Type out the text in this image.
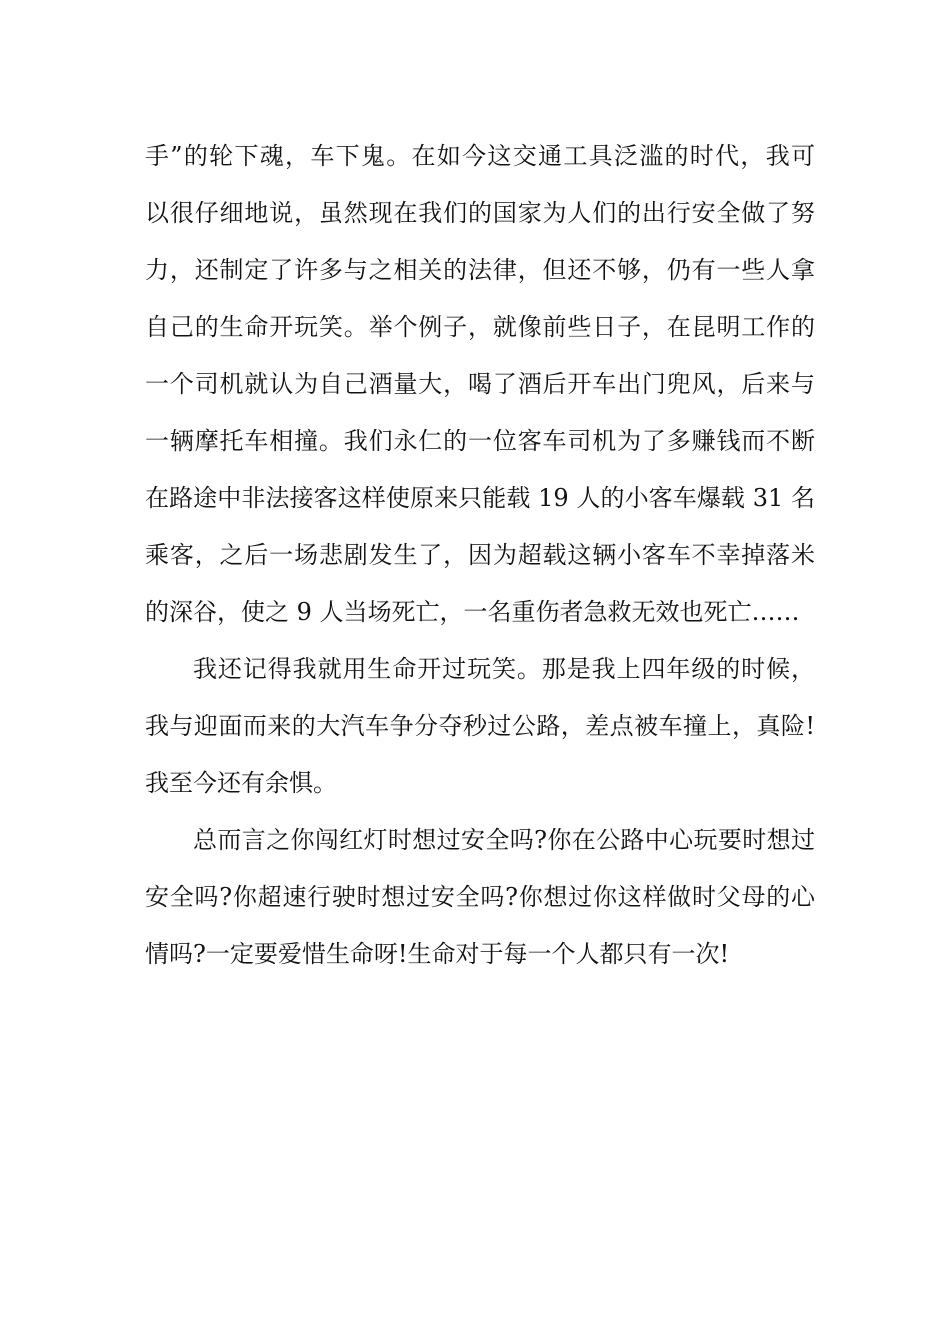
手”的轮下魂，车下鬼。在如今这交通工具泛滥的时代，我可
以很仔细地说，虽然现在我们的国家为人们的出行安全做了努
力，还制定了许多与之相关的法律，但还不够，仍有一些人拿
自己的生命开玩笑。举个例子，就像前些日子，在昆明工作的
一个司机就认为自己酒量大，喝了酒后开车出门兜风，后来与
一辆摩托车相撞。我们永仁的一位客车司机为了多赚钱而不断
在路途中非法接客这样使原来只能载 19 人的小客车爆载 31 名
乘客，之后一场悲剧发生了，因为超载这辆小客车不幸掉落米
的深谷，使之 9 人当场死亡，一名重伤者急救无效也死亡……
我还记得我就用生命开过玩笑。那是我上四年级的时候，
我与迎面而来的大汽车争分夺秒过公路，差点被车撞上，真险!
我至今还有余惧。
总而言之你闯红灯时想过安全吗?你在公路中心玩要时想过
安全吗?你超速行驶时想过安全吗?你想过你这样做时父母的心
情吗?一定要爱惜生命呀!生命对于每一个人都只有一次!
